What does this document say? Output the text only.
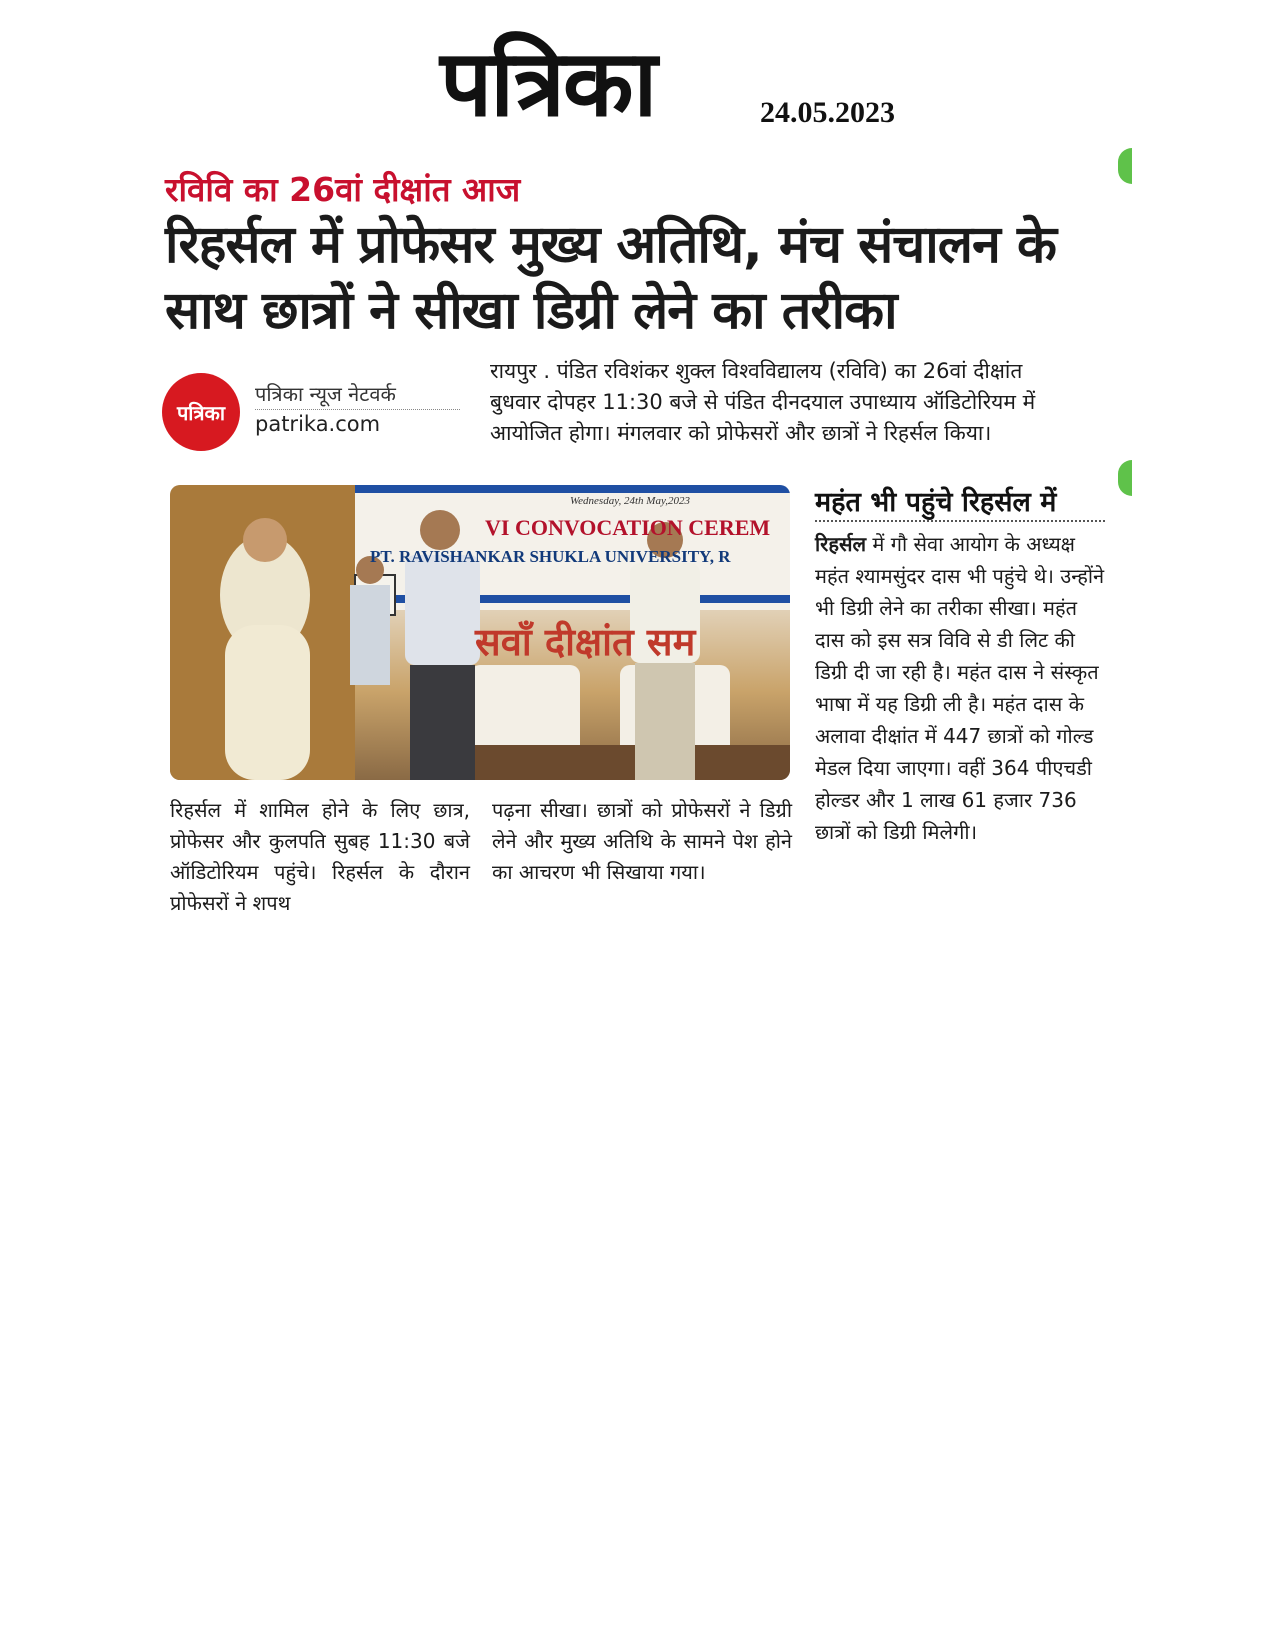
पत्रिका	24.05.2023
रविवि का 26वां दीक्षांत आज
रिहर्सल में प्रोफेसर मुख्य अतिथि, मंच संचालन के साथ छात्रों ने सीखा डिग्री लेने का तरीका
पत्रिका
पत्रिका न्यूज नेटवर्क
patrika.com
रायपुर . पंडित रविशंकर शुक्ल विश्वविद्यालय (रविवि) का 26वां दीक्षांत
बुधवार दोपहर 11:30 बजे से पंडित दीनदयाल उपाध्याय ऑडिटोरियम में
आयोजित होगा। मंगलवार को प्रोफेसरों और छात्रों ने रिहर्सल किया।
Wednesday, 24th May,2023
VI CONVOCATION CEREM
PT. RAVISHANKAR SHUKLA UNIVERSITY, R
सवाँ दीक्षांत सम
महंत भी पहुंचे रिहर्सल में
रिहर्सल में गौ सेवा आयोग के अध्यक्ष महंत श्यामसुंदर दास भी पहुंचे थे। उन्होंने भी डिग्री लेने का तरीका सीखा। महंत दास को इस सत्र विवि से डी लिट की डिग्री दी जा रही है। महंत दास ने संस्कृत भाषा में यह डिग्री ली है। महंत दास के अलावा दीक्षांत में 447 छात्रों को गोल्ड मेडल दिया जाएगा। वहीं 364 पीएचडी होल्डर और 1 लाख 61 हजार 736 छात्रों को डिग्री मिलेगी।
रिहर्सल में शामिल होने के लिए छात्र, प्रोफेसर और कुलपति सुबह 11:30 बजे ऑडिटोरियम पहुंचे। रिहर्सल के दौरान प्रोफेसरों ने शपथ
पढ़ना सीखा। छात्रों को प्रोफेसरों ने डिग्री लेने और मुख्य अतिथि के सामने पेश होने का आचरण भी सिखाया गया।
